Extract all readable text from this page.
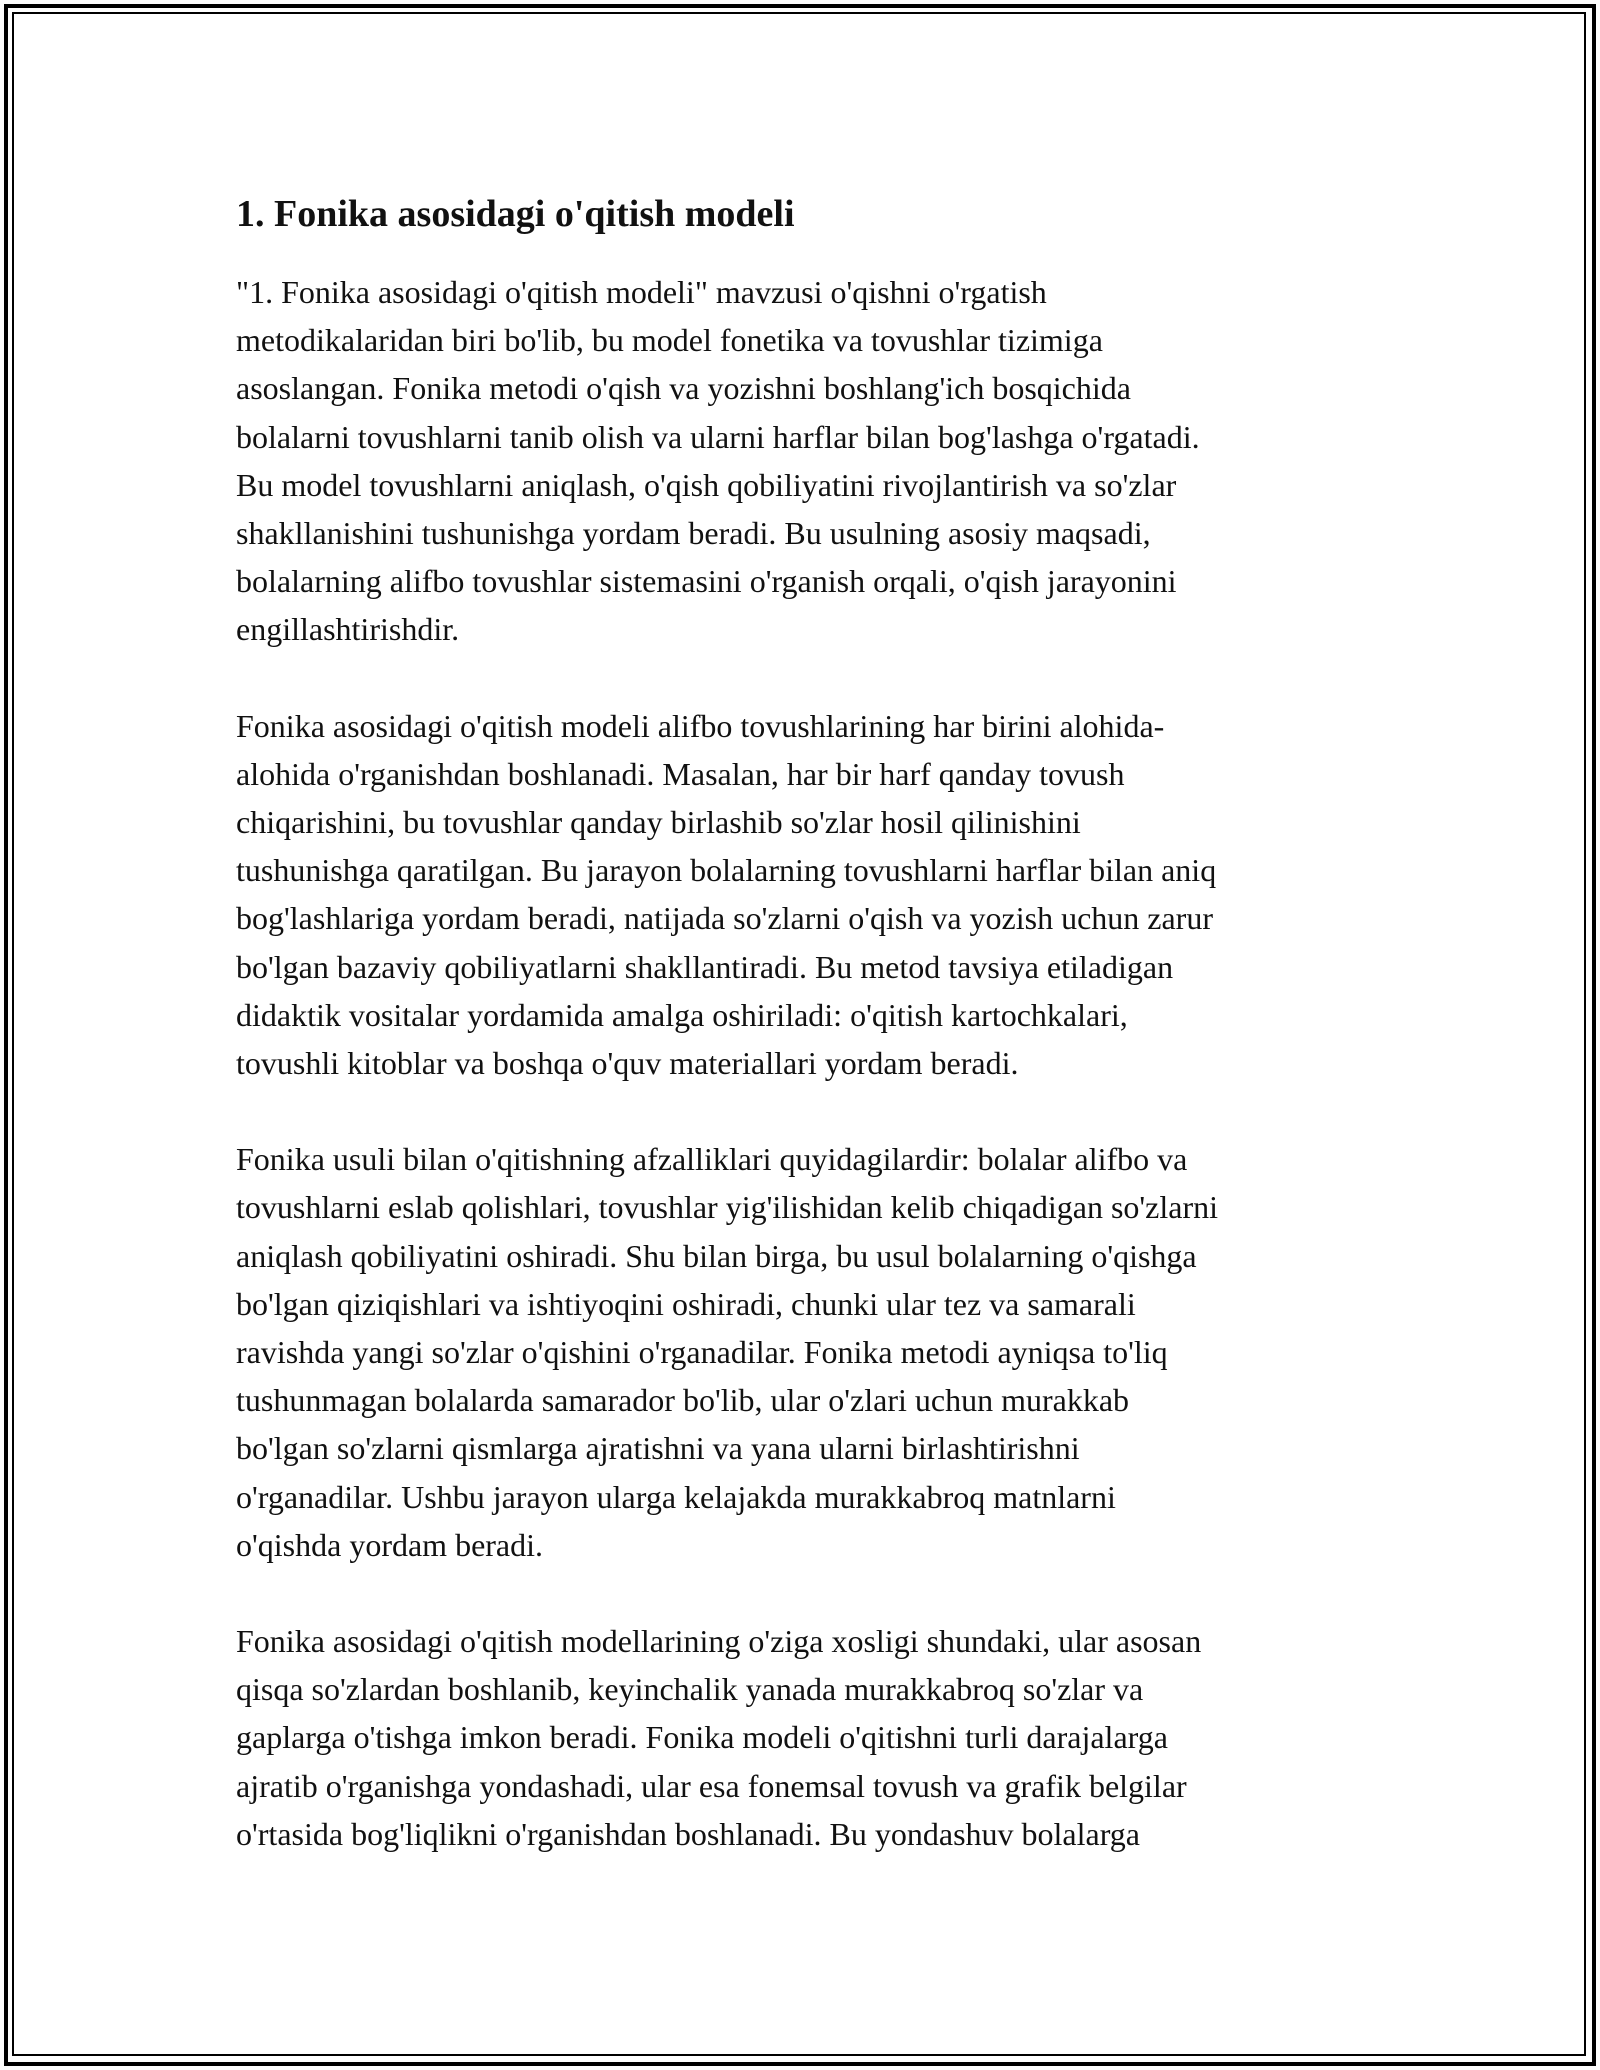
1. Fonika asosidagi o'qitish modeli

"1. Fonika asosidagi o'qitish modeli" mavzusi o'qishni o'rgatish
metodikalaridan biri bo'lib, bu model fonetika va tovushlar tizimiga
asoslangan. Fonika metodi o'qish va yozishni boshlang'ich bosqichida
bolalarni tovushlarni tanib olish va ularni harflar bilan bog'lashga o'rgatadi.
Bu model tovushlarni aniqlash, o'qish qobiliyatini rivojlantirish va so'zlar
shakllanishini tushunishga yordam beradi. Bu usulning asosiy maqsadi,
bolalarning alifbo tovushlar sistemasini o'rganish orqali, o'qish jarayonini
engillashtirishdir.

Fonika asosidagi o'qitish modeli alifbo tovushlarining har birini alohida-
alohida o'rganishdan boshlanadi. Masalan, har bir harf qanday tovush
chiqarishini, bu tovushlar qanday birlashib so'zlar hosil qilinishini
tushunishga qaratilgan. Bu jarayon bolalarning tovushlarni harflar bilan aniq
bog'lashlariga yordam beradi, natijada so'zlarni o'qish va yozish uchun zarur
bo'lgan bazaviy qobiliyatlarni shakllantiradi. Bu metod tavsiya etiladigan
didaktik vositalar yordamida amalga oshiriladi: o'qitish kartochkalari,
tovushli kitoblar va boshqa o'quv materiallari yordam beradi.

Fonika usuli bilan o'qitishning afzalliklari quyidagilardir: bolalar alifbo va
tovushlarni eslab qolishlari, tovushlar yig'ilishidan kelib chiqadigan so'zlarni
aniqlash qobiliyatini oshiradi. Shu bilan birga, bu usul bolalarning o'qishga
bo'lgan qiziqishlari va ishtiyoqini oshiradi, chunki ular tez va samarali
ravishda yangi so'zlar o'qishini o'rganadilar. Fonika metodi ayniqsa to'liq
tushunmagan bolalarda samarador bo'lib, ular o'zlari uchun murakkab
bo'lgan so'zlarni qismlarga ajratishni va yana ularni birlashtirishni
o'rganadilar. Ushbu jarayon ularga kelajakda murakkabroq matnlarni
o'qishda yordam beradi.

Fonika asosidagi o'qitish modellarining o'ziga xosligi shundaki, ular asosan
qisqa so'zlardan boshlanib, keyinchalik yanada murakkabroq so'zlar va
gaplarga o'tishga imkon beradi. Fonika modeli o'qitishni turli darajalarga
ajratib o'rganishga yondashadi, ular esa fonemsal tovush va grafik belgilar
o'rtasida bog'liqlikni o'rganishdan boshlanadi. Bu yondashuv bolalarga
